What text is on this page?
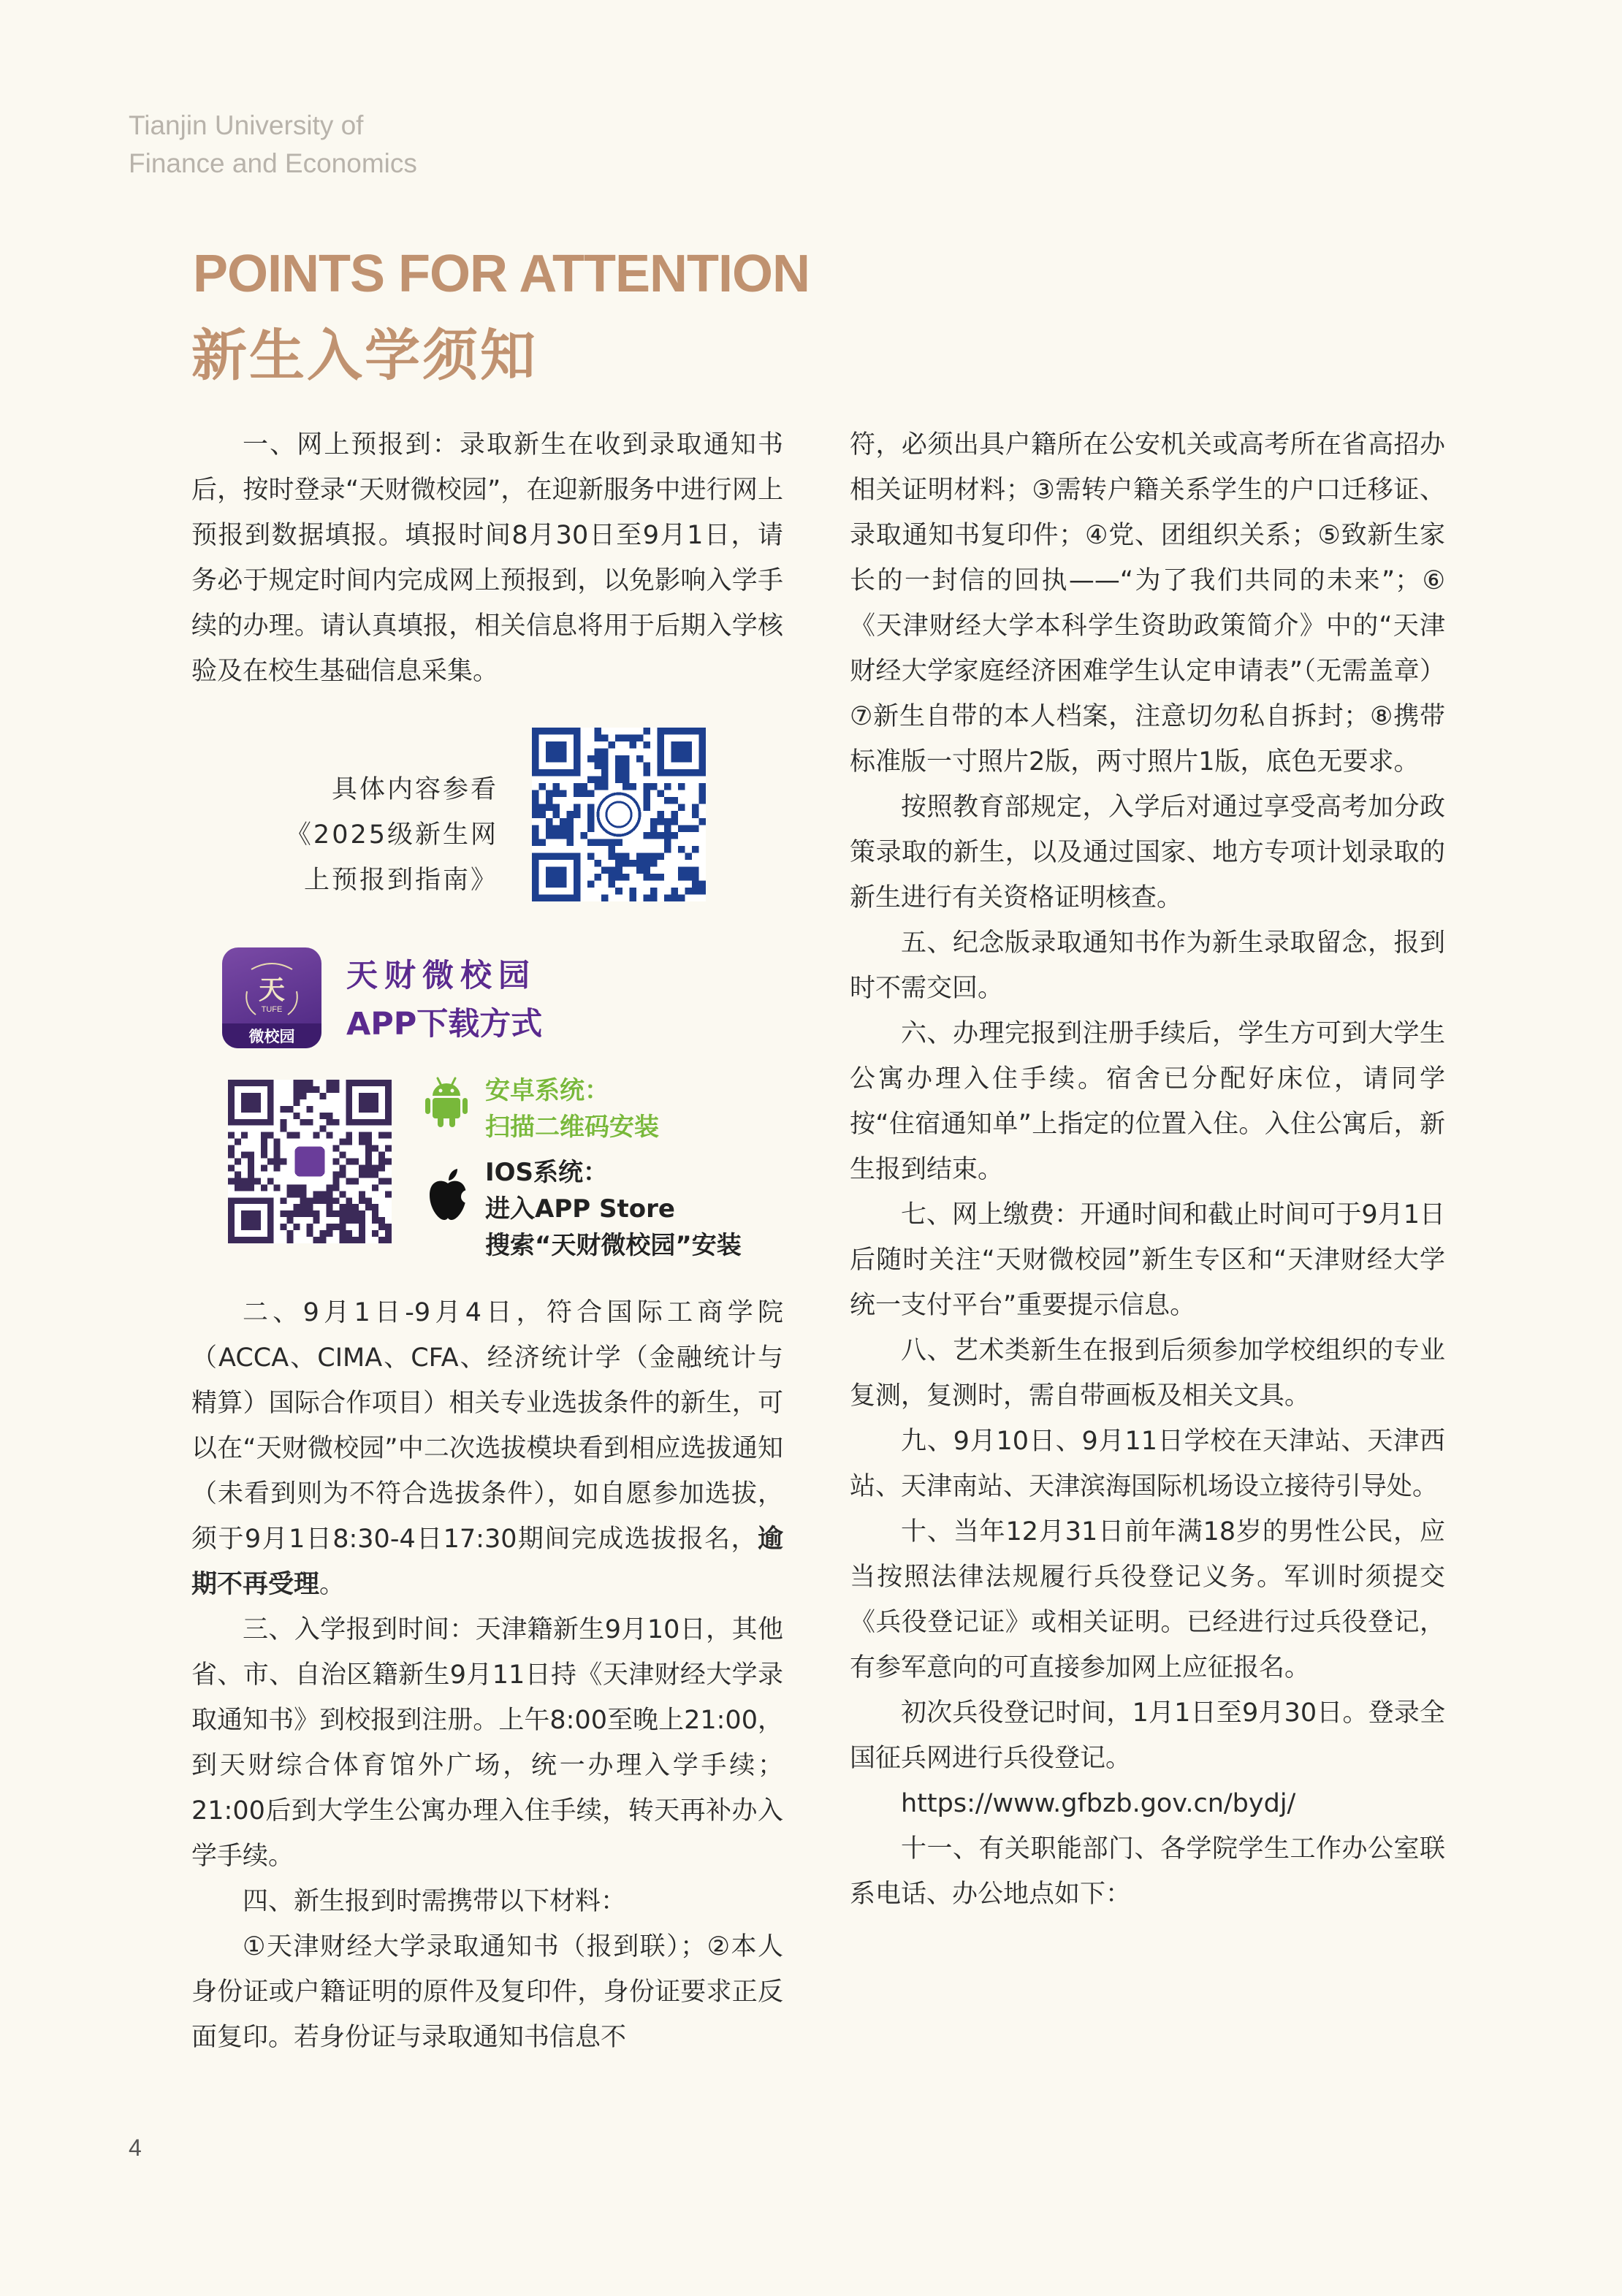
Tianjin University of
Finance and Economics
POINTS FOR ATTENTION
新生入学须知

一、网上预报到：录取新生在收到录取通知书后，按时登录“天财微校园”，在迎新服务中进行网上预报到数据填报。填报时间8月30日至9月1日，请务必于规定时间内完成网上预报到，以免影响入学手续的办理。请认真填报，相关信息将用于后期入学核验及在校生基础信息采集。

具体内容参看
《2025级新生网
上预报到指南》
天
TUFE
微校园
天财微校园
APP下载方式
安卓系统：
扫描二维码安装
IOS系统：
进入APP Store
搜索“天财微校园”安装

二、9月1日-9月4日，符合国际工商学院（ACCA、CIMA、CFA、经济统计学（金融统计与精算）国际合作项目）相关专业选拔条件的新生，可以在“天财微校园”中二次选拔模块看到相应选拔通知（未看到则为不符合选拔条件），如自愿参加选拔，须于9月1日8:30-4日17:30期间完成选拔报名，逾期不再受理。

三、入学报到时间：天津籍新生9月10日，其他省、市、自治区籍新生9月11日持《天津财经大学录取通知书》到校报到注册。上午8:00至晚上21:00，到天财综合体育馆外广场，统一办理入学手续；21:00后到大学生公寓办理入住手续，转天再补办入学手续。

四、新生报到时需携带以下材料：

①天津财经大学录取通知书（报到联）；②本人身份证或户籍证明的原件及复印件，身份证要求正反面复印。若身份证与录取通知书信息不

符，必须出具户籍所在公安机关或高考所在省高招办相关证明材料；③需转户籍关系学生的户口迁移证、录取通知书复印件；④党、团组织关系；⑤致新生家长的一封信的回执——“为了我们共同的未来”；⑥《天津财经大学本科学生资助政策简介》中的“天津财经大学家庭经济困难学生认定申请表”（无需盖章）⑦新生自带的本人档案，注意切勿私自拆封；⑧携带标准版一寸照片2版，两寸照片1版，底色无要求。

按照教育部规定，入学后对通过享受高考加分政策录取的新生，以及通过国家、地方专项计划录取的新生进行有关资格证明核查。

五、纪念版录取通知书作为新生录取留念，报到时不需交回。

六、办理完报到注册手续后，学生方可到大学生公寓办理入住手续。宿舍已分配好床位，请同学按“住宿通知单”上指定的位置入住。入住公寓后，新生报到结束。

七、网上缴费：开通时间和截止时间可于9月1日后随时关注“天财微校园”新生专区和“天津财经大学统一支付平台”重要提示信息。

八、艺术类新生在报到后须参加学校组织的专业复测，复测时，需自带画板及相关文具。

九、9月10日、9月11日学校在天津站、天津西站、天津南站、天津滨海国际机场设立接待引导处。

十、当年12月31日前年满18岁的男性公民，应当按照法律法规履行兵役登记义务。军训时须提交《兵役登记证》或相关证明。已经进行过兵役登记，有参军意向的可直接参加网上应征报名。

初次兵役登记时间，1月1日至9月30日。登录全国征兵网进行兵役登记。

https://www.gfbzb.gov.cn/bydj/

十一、有关职能部门、各学院学生工作办公室联系电话、办公地点如下：

4
